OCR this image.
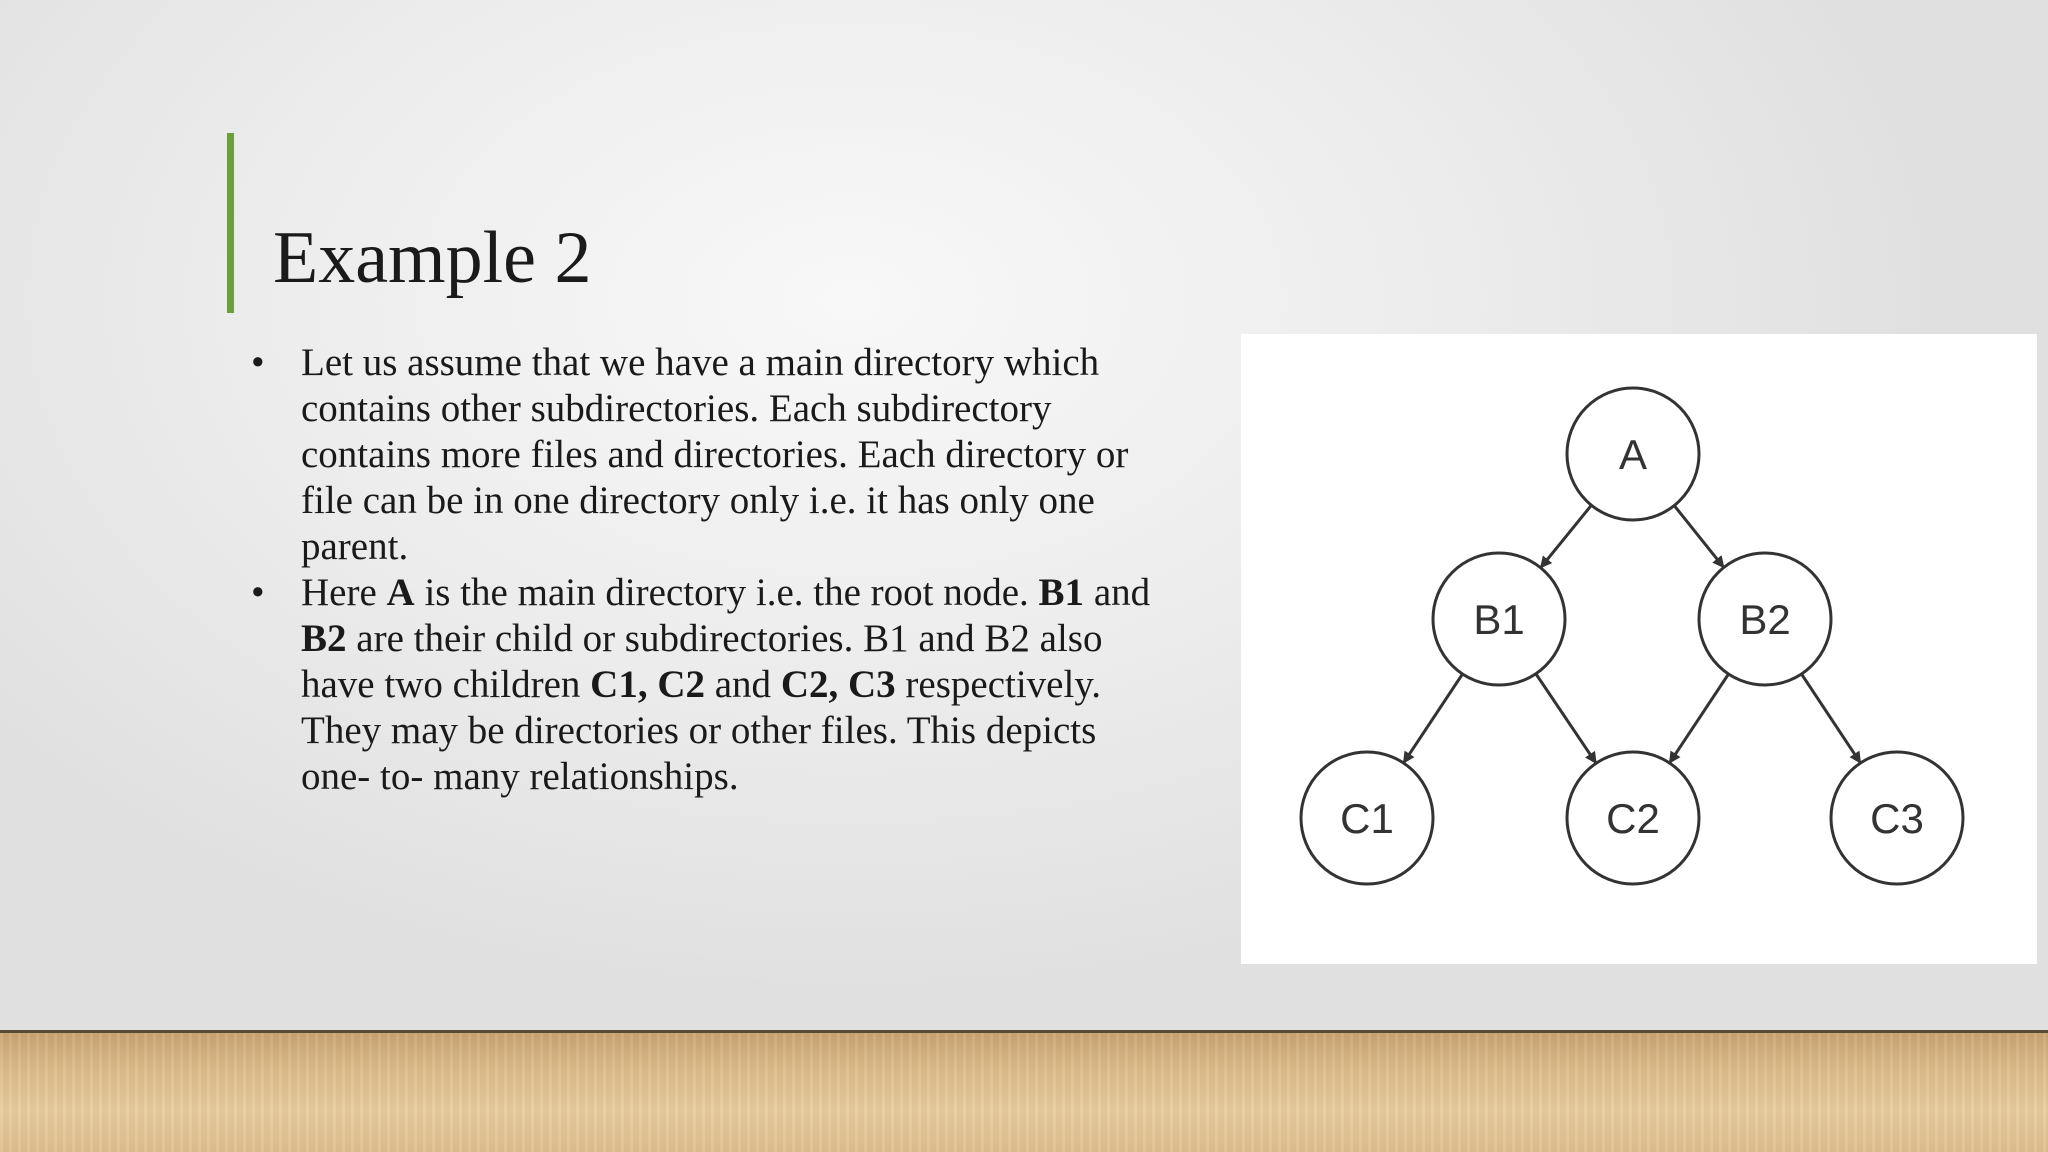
Example 2
• Let us assume that we have a main directory which contains other subdirectories. Each subdirectory contains more files and directories. Each directory or file can be in one directory only i.e. it has only one parent.
• Here A is the main directory i.e. the root node. B1 and B2 are their child or subdirectories. B1 and B2 also have two children C1, C2 and C2, C3 respectively. They may be directories or other files. This depicts one- to- many relationships.
A
B1	B2
C1	C2	C3
